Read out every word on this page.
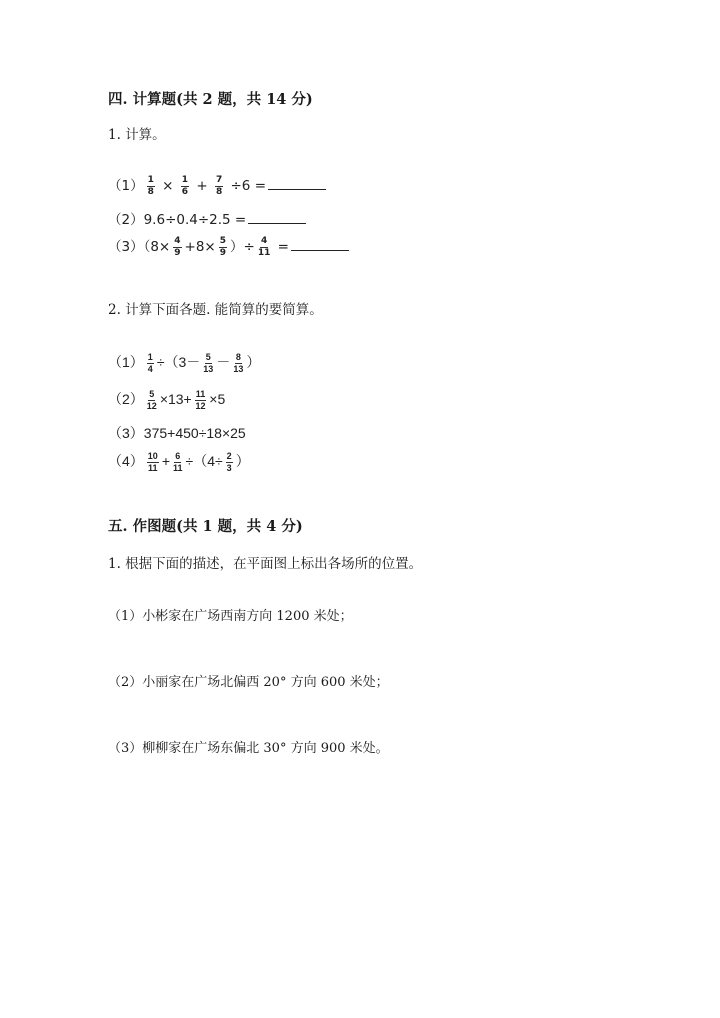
四. 计算题(共 2 题，共 14 分)
1. 计算。
$(1) \frac{1}{8} \times \frac{1}{6} + \frac{7}{8} \div 6$ =
（2）9.6÷0.4÷2.5 =
$(3)(8\times \frac{4}{9} +8\times \frac{5}{9}$ ）÷ $\frac{4}{11}$ =
2. 计算下面各题. 能简算的要简算。
$(1) \frac{1}{4} \div(3- \frac{5}{13} - \frac{8}{13}$ ）
$(2) \frac{5}{12} \times 13+ \frac{11}{12} \times 5$
（3）375+450÷18×25
$(4) \frac{10}{11} + \frac{6}{11} \div(4\div \frac{2}{3}$ ）
五. 作图题(共 1 题，共 4 分)
1. 根据下面的描述，在平面图上标出各场所的位置。
（1）小彬家在广场西南方向 1200 米处；
（2）小丽家在广场北偏西 20° 方向 600 米处；
（3）柳柳家在广场东偏北 30° 方向 900 米处。
